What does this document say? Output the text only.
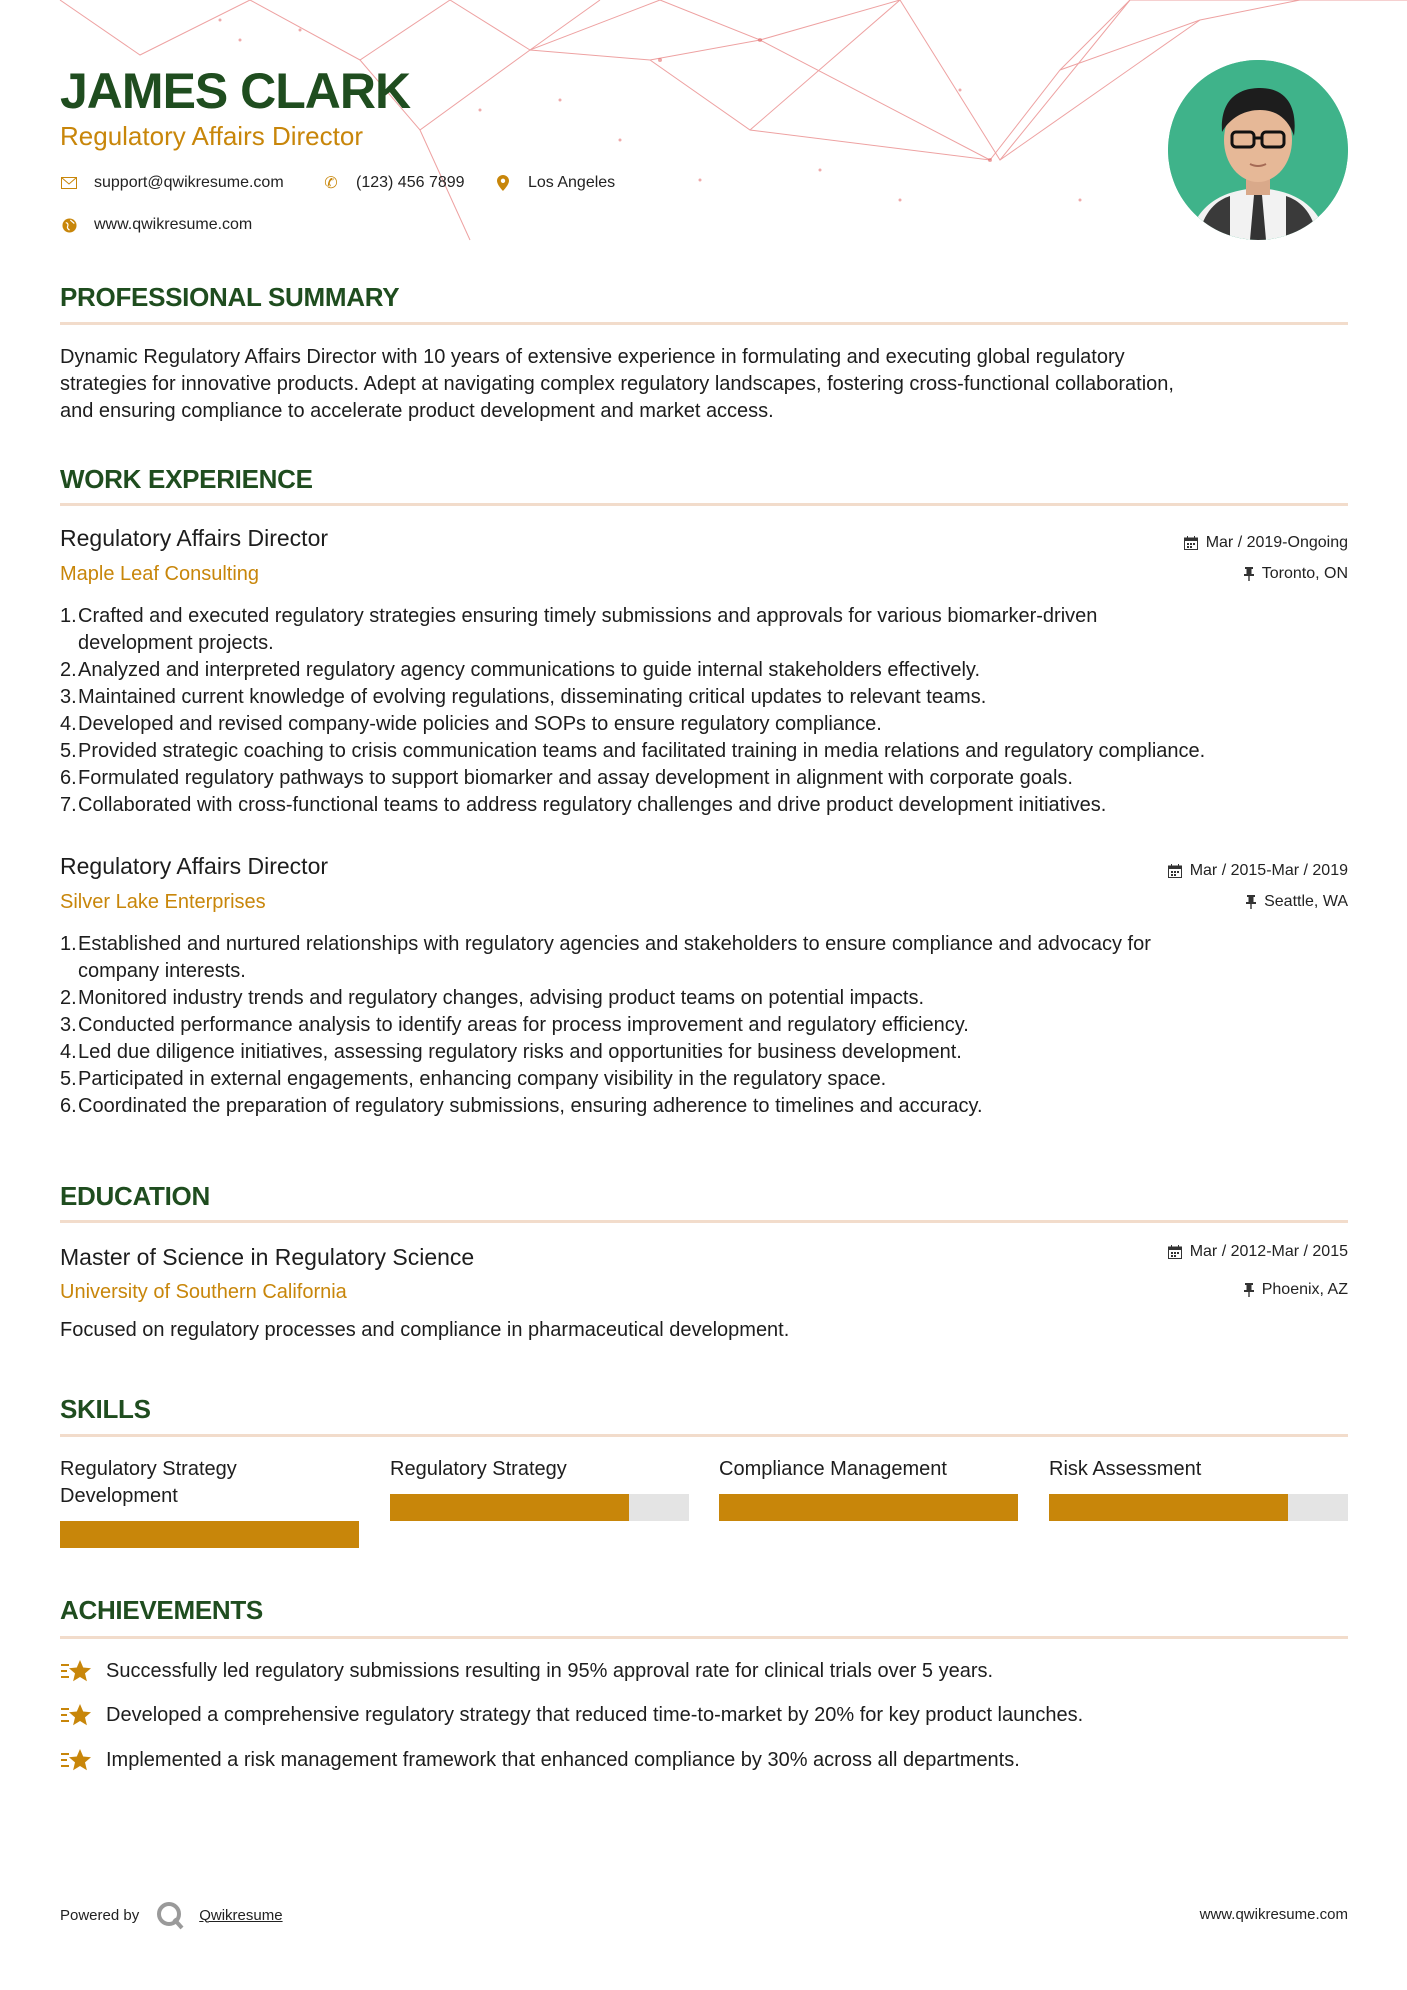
JAMES CLARK
Regulatory Affairs Director
support@qwikresume.com	✆ (123) 456 7899	Los Angeles
www.qwikresume.com
PROFESSIONAL SUMMARY
Dynamic Regulatory Affairs Director with 10 years of extensive experience in formulating and executing global regulatory
strategies for innovative products. Adept at navigating complex regulatory landscapes, fostering cross-functional collaboration,
and ensuring compliance to accelerate product development and market access.
WORK EXPERIENCE
Regulatory Affairs Director
Maple Leaf Consulting
Mar / 2019-Ongoing
Toronto, ON
1. Crafted and executed regulatory strategies ensuring timely submissions and approvals for various biomarker-driven
development projects.
2. Analyzed and interpreted regulatory agency communications to guide internal stakeholders effectively.
3. Maintained current knowledge of evolving regulations, disseminating critical updates to relevant teams.
4. Developed and revised company-wide policies and SOPs to ensure regulatory compliance.
5. Provided strategic coaching to crisis communication teams and facilitated training in media relations and regulatory compliance.
6. Formulated regulatory pathways to support biomarker and assay development in alignment with corporate goals.
7. Collaborated with cross-functional teams to address regulatory challenges and drive product development initiatives.
Regulatory Affairs Director
Silver Lake Enterprises
Mar / 2015-Mar / 2019
Seattle, WA
1. Established and nurtured relationships with regulatory agencies and stakeholders to ensure compliance and advocacy for
company interests.
2. Monitored industry trends and regulatory changes, advising product teams on potential impacts.
3. Conducted performance analysis to identify areas for process improvement and regulatory efficiency.
4. Led due diligence initiatives, assessing regulatory risks and opportunities for business development.
5. Participated in external engagements, enhancing company visibility in the regulatory space.
6. Coordinated the preparation of regulatory submissions, ensuring adherence to timelines and accuracy.
EDUCATION
Master of Science in Regulatory Science
University of Southern California
Mar / 2012-Mar / 2015
Phoenix, AZ
Focused on regulatory processes and compliance in pharmaceutical development.
SKILLS
Regulatory Strategy
Development
Regulatory Strategy	Compliance Management	Risk Assessment
ACHIEVEMENTS
Successfully led regulatory submissions resulting in 95% approval rate for clinical trials over 5 years.
Developed a comprehensive regulatory strategy that reduced time-to-market by 20% for key product launches.
Implemented a risk management framework that enhanced compliance by 30% across all departments.
Powered by	Qwikresume	www.qwikresume.com
